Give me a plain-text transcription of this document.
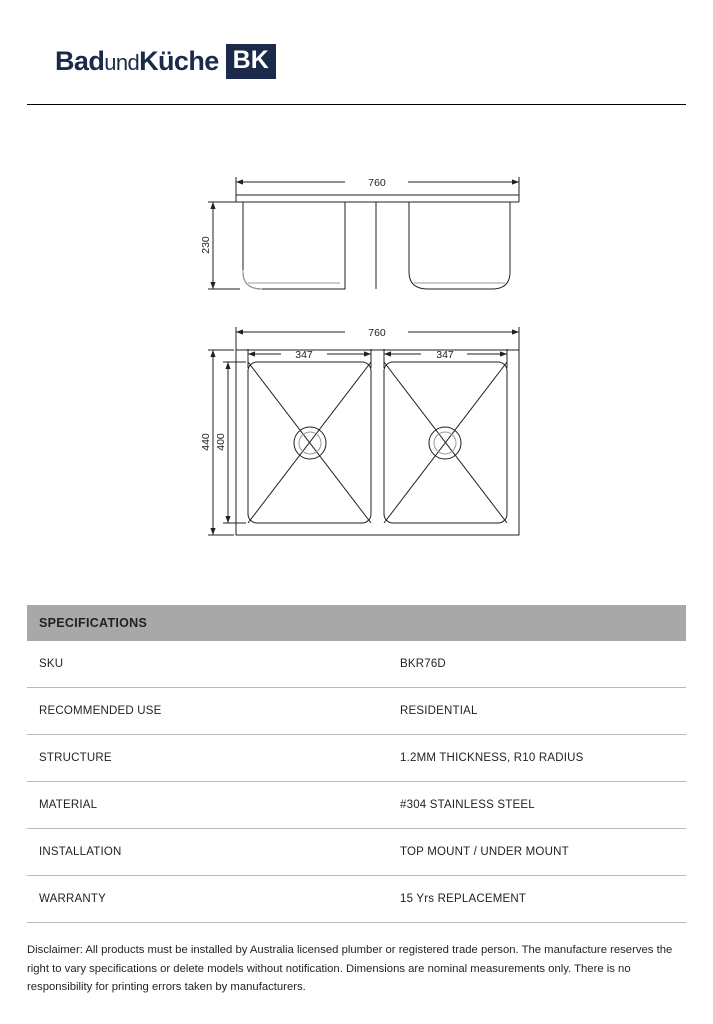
BadundKüche BK
230
760
760
347	347
440 400
SPECIFICATIONS
SKU	BKR76D
RECOMMENDED USE	RESIDENTIAL
STRUCTURE	1.2MM THICKNESS, R10 RADIUS
MATERIAL	#304 STAINLESS STEEL
INSTALLATION	TOP MOUNT / UNDER MOUNT
WARRANTY	15 Yrs REPLACEMENT
Disclaimer: All products must be installed by Australia licensed plumber or registered trade person. The manufacture reserves the right to vary specifications or delete models without notification. Dimensions are nominal measurements only. There is no responsibility for printing errors taken by manufacturers.
